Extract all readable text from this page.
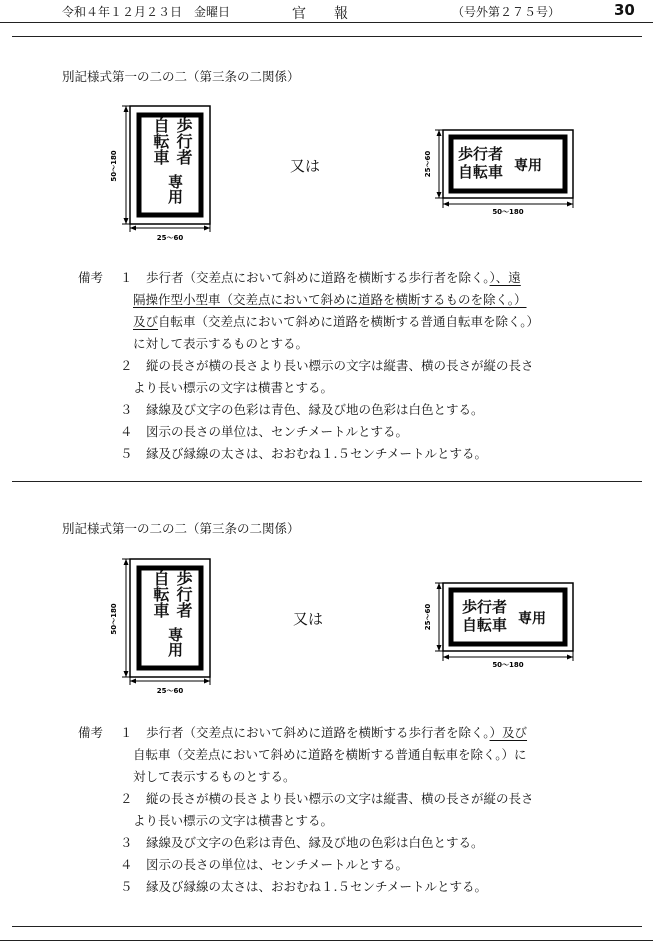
令和４年１２月２３日　金曜日	官　　報	（号外第２７５号）	30
別記様式第一の二の二（第三条の二関係）
50～180
25～60
自転車 歩行者
専用
又は	25～60
50～180
歩行者
自転車 専用
備考 １ 歩行者（交差点において斜めに道路を横断する歩行者を除く。）、遠
隔操作型小型車（交差点において斜めに道路を横断するものを除く。）
及び自転車（交差点において斜めに道路を横断する普通自転車を除く。）
に対して表示するものとする。
２ 縦の長さが横の長さより長い標示の文字は縦書、横の長さが縦の長さ
より長い標示の文字は横書とする。
３ 縁線及び文字の色彩は青色、縁及び地の色彩は白色とする。
４ 図示の長さの単位は、センチメートルとする。
５ 縁及び縁線の太さは、おおむね１.５センチメートルとする。
別記様式第一の二の二（第三条の二関係）
50～180
25～60
自転車 歩行者
専用
又は	25～60
50～180
歩行者
自転車 専用
備考 １ 歩行者（交差点において斜めに道路を横断する歩行者を除く。）及び
自転車（交差点において斜めに道路を横断する普通自転車を除く。）に
対して表示するものとする。
２ 縦の長さが横の長さより長い標示の文字は縦書、横の長さが縦の長さ
より長い標示の文字は横書とする。
３ 縁線及び文字の色彩は青色、縁及び地の色彩は白色とする。
４ 図示の長さの単位は、センチメートルとする。
５ 縁及び縁線の太さは、おおむね１.５センチメートルとする。
